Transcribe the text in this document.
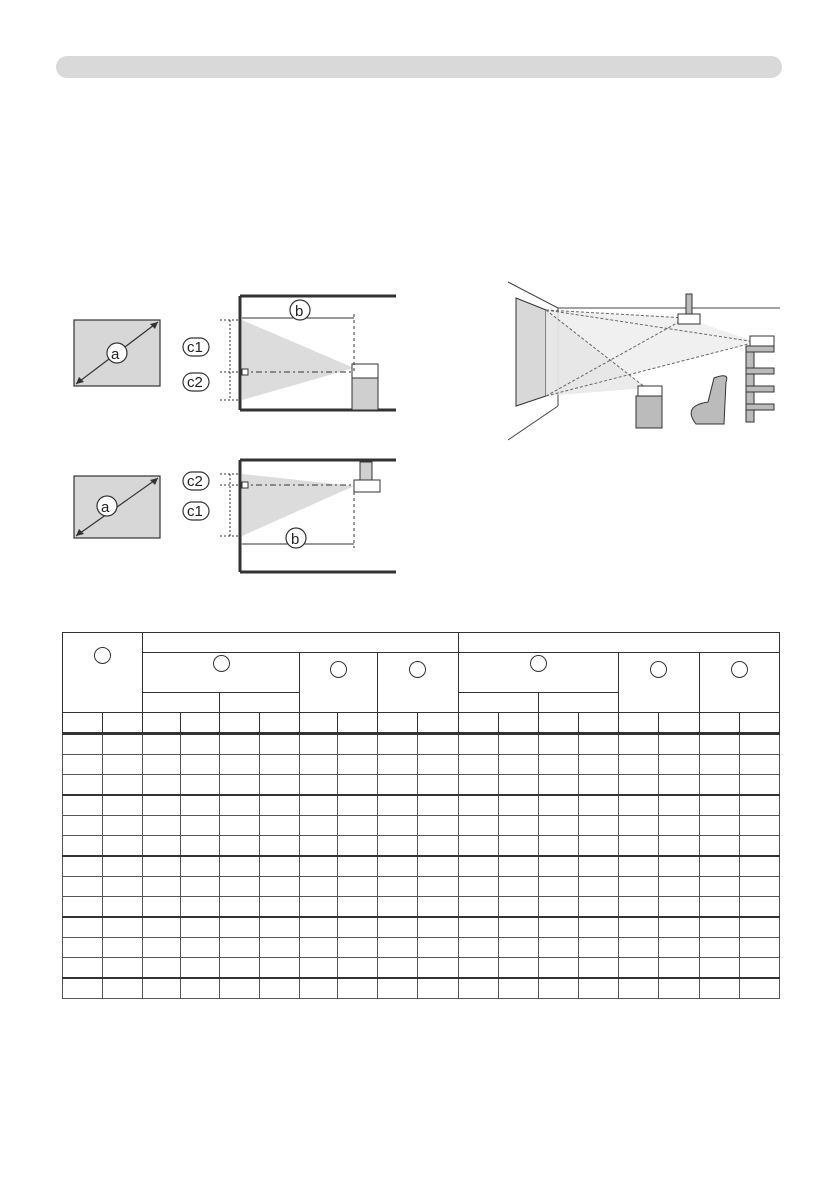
a
b
c1
c2
a
b
c2
c1
